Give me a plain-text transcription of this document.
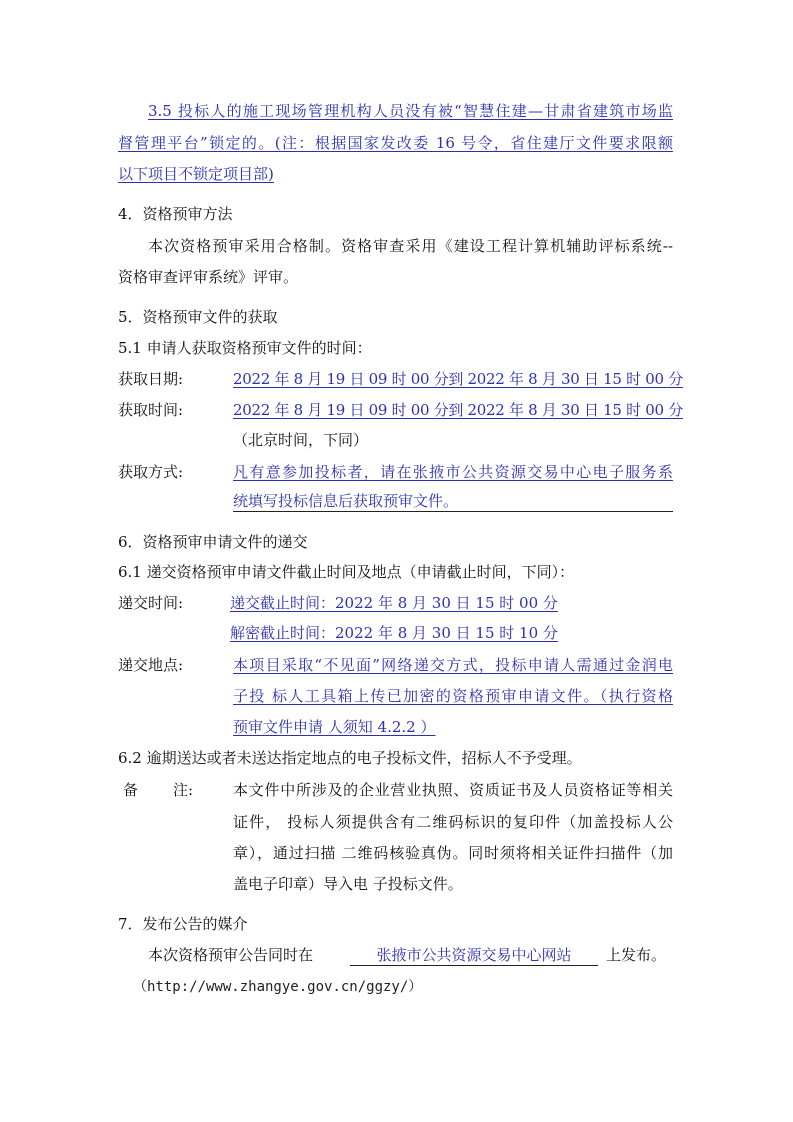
3.5 投标人的施工现场管理机构人员没有被“智慧住建—甘肃省建筑市场监
督管理平台”锁定的。(注：根据国家发改委 16 号令，省住建厅文件要求限额
以下项目不锁定项目部)
4．资格预审方法
本次资格预审采用合格制。资格审查采用《建设工程计算机辅助评标系统--
资格审查评审系统》评审。
5．资格预审文件的获取
5.1 申请人获取资格预审文件的时间：
获取日期:	2022 年 8 月 19 日 09 时 00 分到 2022 年 8 月 30 日 15 时 00 分
获取时间:	2022 年 8 月 19 日 09 时 00 分到 2022 年 8 月 30 日 15 时 00 分
（北京时间，下同）
获取方式:	凡有意参加投标者，请在张掖市公共资源交易中心电子服务系
统填写投标信息后获取预审文件。
6．资格预审申请文件的递交
6.1 递交资格预审申请文件截止时间及地点（申请截止时间，下同）：
递交时间:	递交截止时间：2022 年 8 月 30 日 15 时 00 分
解密截止时间：2022 年 8 月 30 日 15 时 10 分
递交地点:	本项目采取“不见面”网络递交方式，投标申请人需通过金润电
子投 标人工具箱上传已加密的资格预审申请文件。（执行资格
预审文件申请 人须知 4.2.2 ）
6.2 逾期送达或者未送达指定地点的电子投标文件，招标人不予受理。
备 注:	本文件中所涉及的企业营业执照、资质证书及人员资格证等相关
证件， 投标人须提供含有二维码标识的复印件（加盖投标人公
章），通过扫描 二维码核验真伪。同时须将相关证件扫描件（加
盖电子印章）导入电 子投标文件。
7．发布公告的媒介
本次资格预审公告同时在	张掖市公共资源交易中心网站	上发布。
（http://www.zhangye.gov.cn/ggzy/）
